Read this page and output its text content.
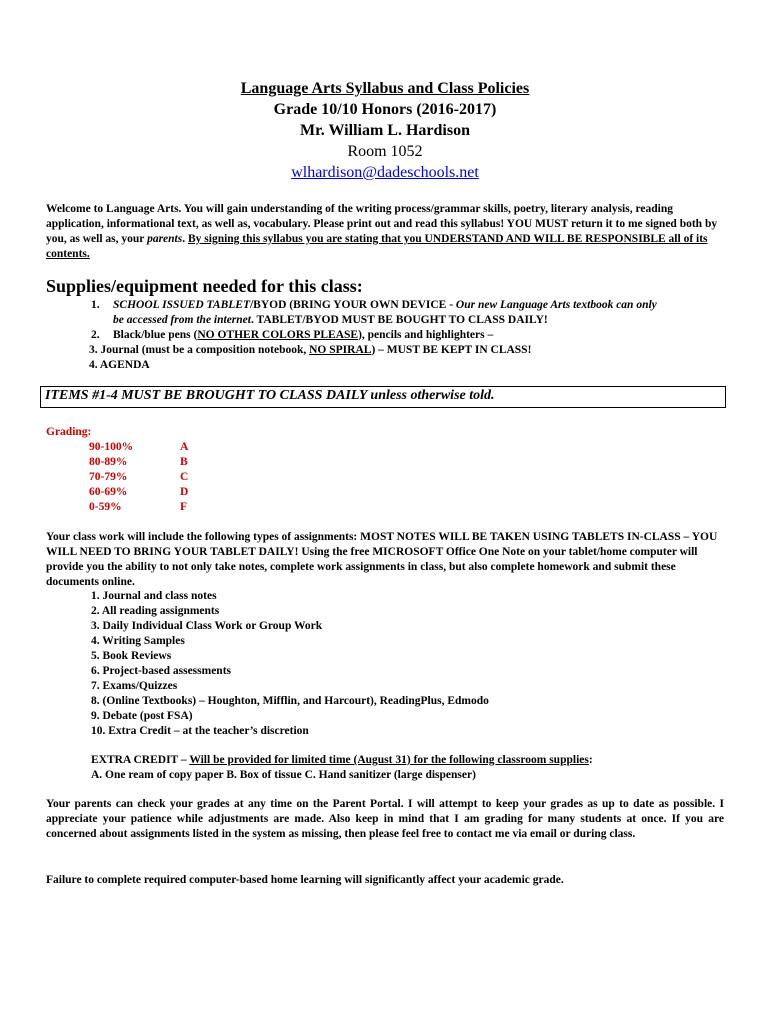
Language Arts Syllabus and Class Policies
Grade 10/10 Honors (2016-2017)
Mr. William L. Hardison
Room 1052
wlhardison@dadeschools.net
Welcome to Language Arts. You will gain understanding of the writing process/grammar skills, poetry, literary analysis, reading application, informational text, as well as, vocabulary. Please print out and read this syllabus! YOU MUST return it to me signed both by you, as well as, your parents. By signing this syllabus you are stating that you UNDERSTAND AND WILL BE RESPONSIBLE all of its contents.
Supplies/equipment needed for this class:
1. SCHOOL ISSUED TABLET/BYOD (BRING YOUR OWN DEVICE - Our new Language Arts textbook can only
be accessed from the internet. TABLET/BYOD MUST BE BOUGHT TO CLASS DAILY!
2. Black/blue pens (NO OTHER COLORS PLEASE), pencils and highlighters –
3. Journal (must be a composition notebook, NO SPIRAL) – MUST BE KEPT IN CLASS!
4. AGENDA
ITEMS #1-4 MUST BE BROUGHT TO CLASS DAILY unless otherwise told.
Grading:
90-100%	A
80-89%	B
70-79%	C
60-69%	D
0-59%	F
Your class work will include the following types of assignments: MOST NOTES WILL BE TAKEN USING TABLETS IN-CLASS – YOU WILL NEED TO BRING YOUR TABLET DAILY! Using the free MICROSOFT Office One Note on your tablet/home computer will provide you the ability to not only take notes, complete work assignments in class, but also complete homework and submit these documents online.
1. Journal and class notes
2. All reading assignments
3. Daily Individual Class Work or Group Work
4. Writing Samples
5. Book Reviews
6. Project-based assessments
7. Exams/Quizzes
8. (Online Textbooks) – Houghton, Mifflin, and Harcourt), ReadingPlus, Edmodo
9. Debate (post FSA)
10. Extra Credit – at the teacher’s discretion
EXTRA CREDIT – Will be provided for limited time (August 31) for the following classroom supplies:
A. One ream of copy paper B. Box of tissue C. Hand sanitizer (large dispenser)
Your parents can check your grades at any time on the Parent Portal. I will attempt to keep your grades as up to date as possible. I appreciate your patience while adjustments are made. Also keep in mind that I am grading for many students at once. If you are concerned about assignments listed in the system as missing, then please feel free to contact me via email or during class.
Failure to complete required computer-based home learning will significantly affect your academic grade.
